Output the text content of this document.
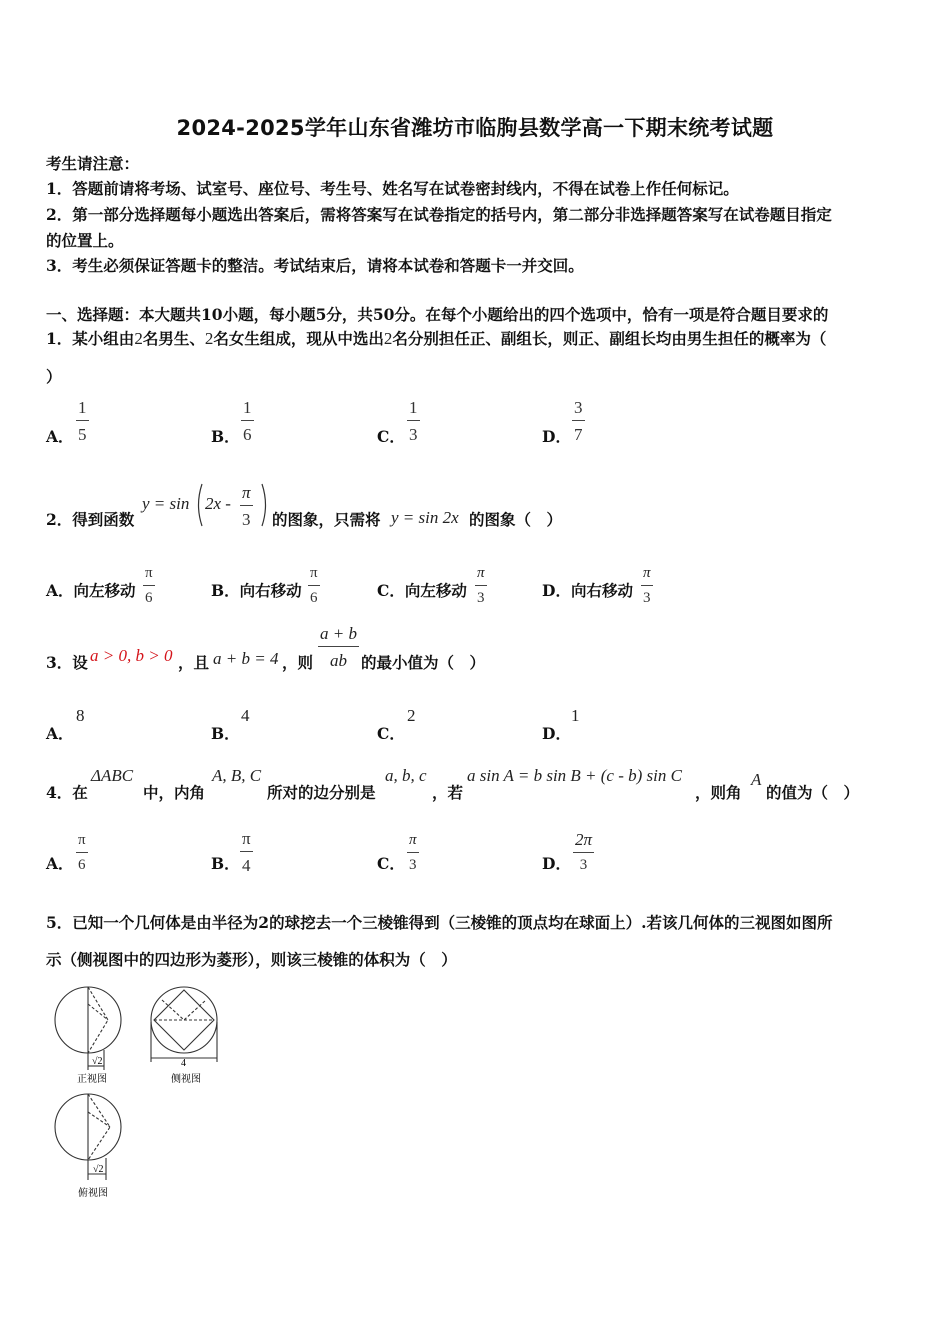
2024-2025学年山东省潍坊市临朐县数学高一下期末统考试题
考生请注意：
1．答题前请将考场、试室号、座位号、考生号、姓名写在试卷密封线内，不得在试卷上作任何标记。
2．第一部分选择题每小题选出答案后，需将答案写在试卷指定的括号内，第二部分非选择题答案写在试卷题目指定
的位置上。
3．考生必须保证答题卡的整洁。考试结束后，请将本试卷和答题卡一并交回。
一、选择题：本大题共10小题，每小题5分，共50分。在每个小题给出的四个选项中，恰有一项是符合题目要求的
1．某小组由2名男生、2名女生组成，现从中选出2名分别担任正、副组长，则正、副组长均由男生担任的概率为（
）
A．
1
5	B．
1
6	C．
1
3	D．
3
7
2．得到函数
y = sin 2x -
π
3 的图象，只需将 y = sin 2x 的图象（　）
A．向左移动
π
6	B．向右移动
π
6	C．向左移动
π
3	D．向右移动
π
3
3．设 a > 0, b > 0 ，且 a + b = 4 ，则
a + b
ab 的最小值为（　）
A．
8
B．
4
C．
2
D．
1
4．在
ΔABC
中，内角
A, B, C
所对的边分别是
a, b, c
，若
a sin A = b sin B + (c - b) sin C
，则角
A
的值为（　）
A．
π
6	B．
π
4	C．
π
3	D．
2π
3
5．已知一个几何体是由半径为2的球挖去一个三棱锥得到（三棱锥的顶点均在球面上）.若该几何体的三视图如图所
示（侧视图中的四边形为菱形），则该三棱锥的体积为（　）
√2
正视图
4
侧视图
√2
俯视图
